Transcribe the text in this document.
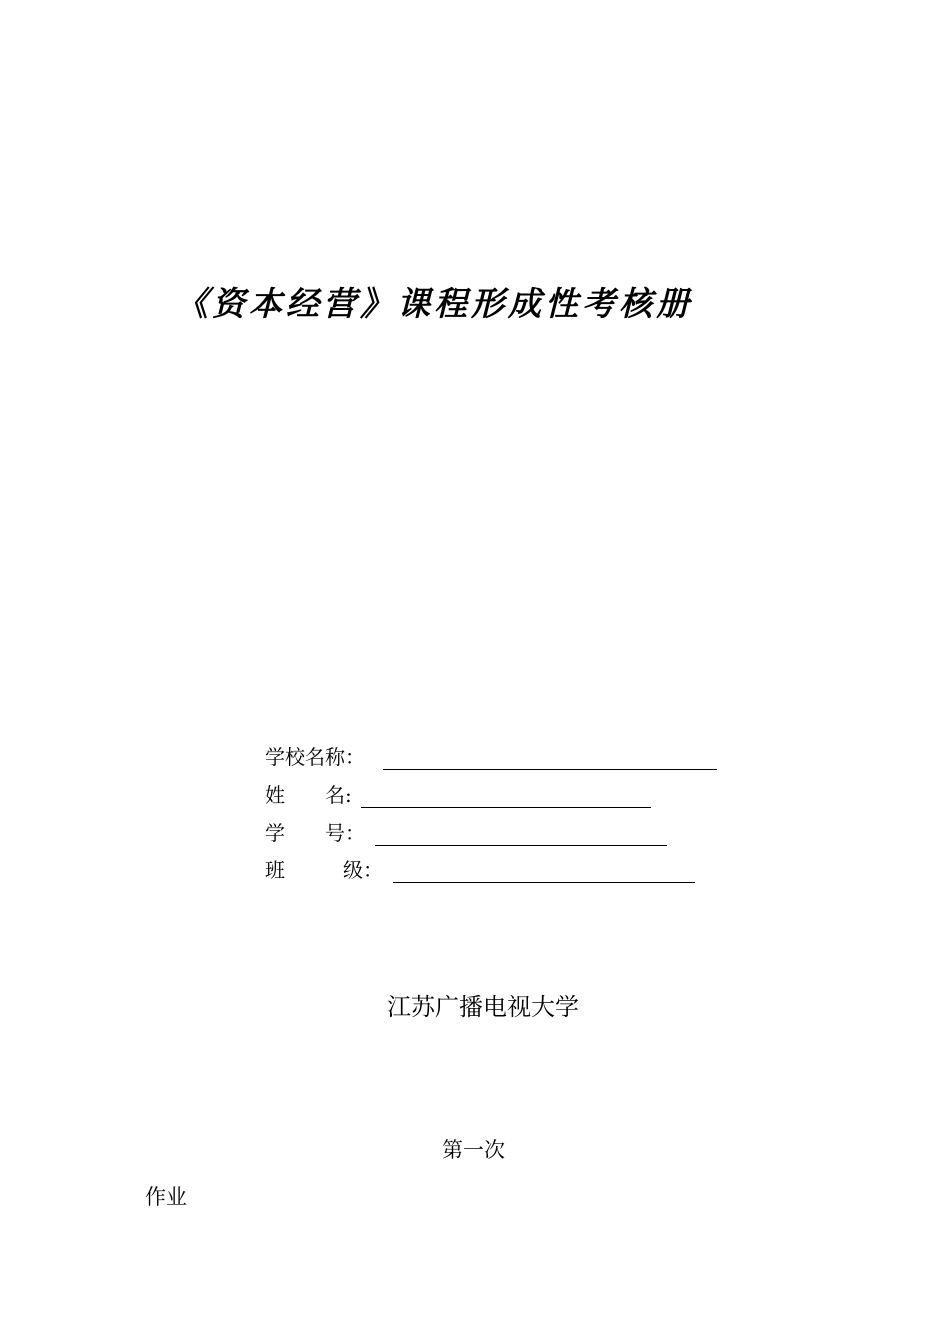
《资本经营》课程形成性考核册
学校名称：
姓 名:
学 号：
班	级：
江苏广播电视大学
第一次
作业
